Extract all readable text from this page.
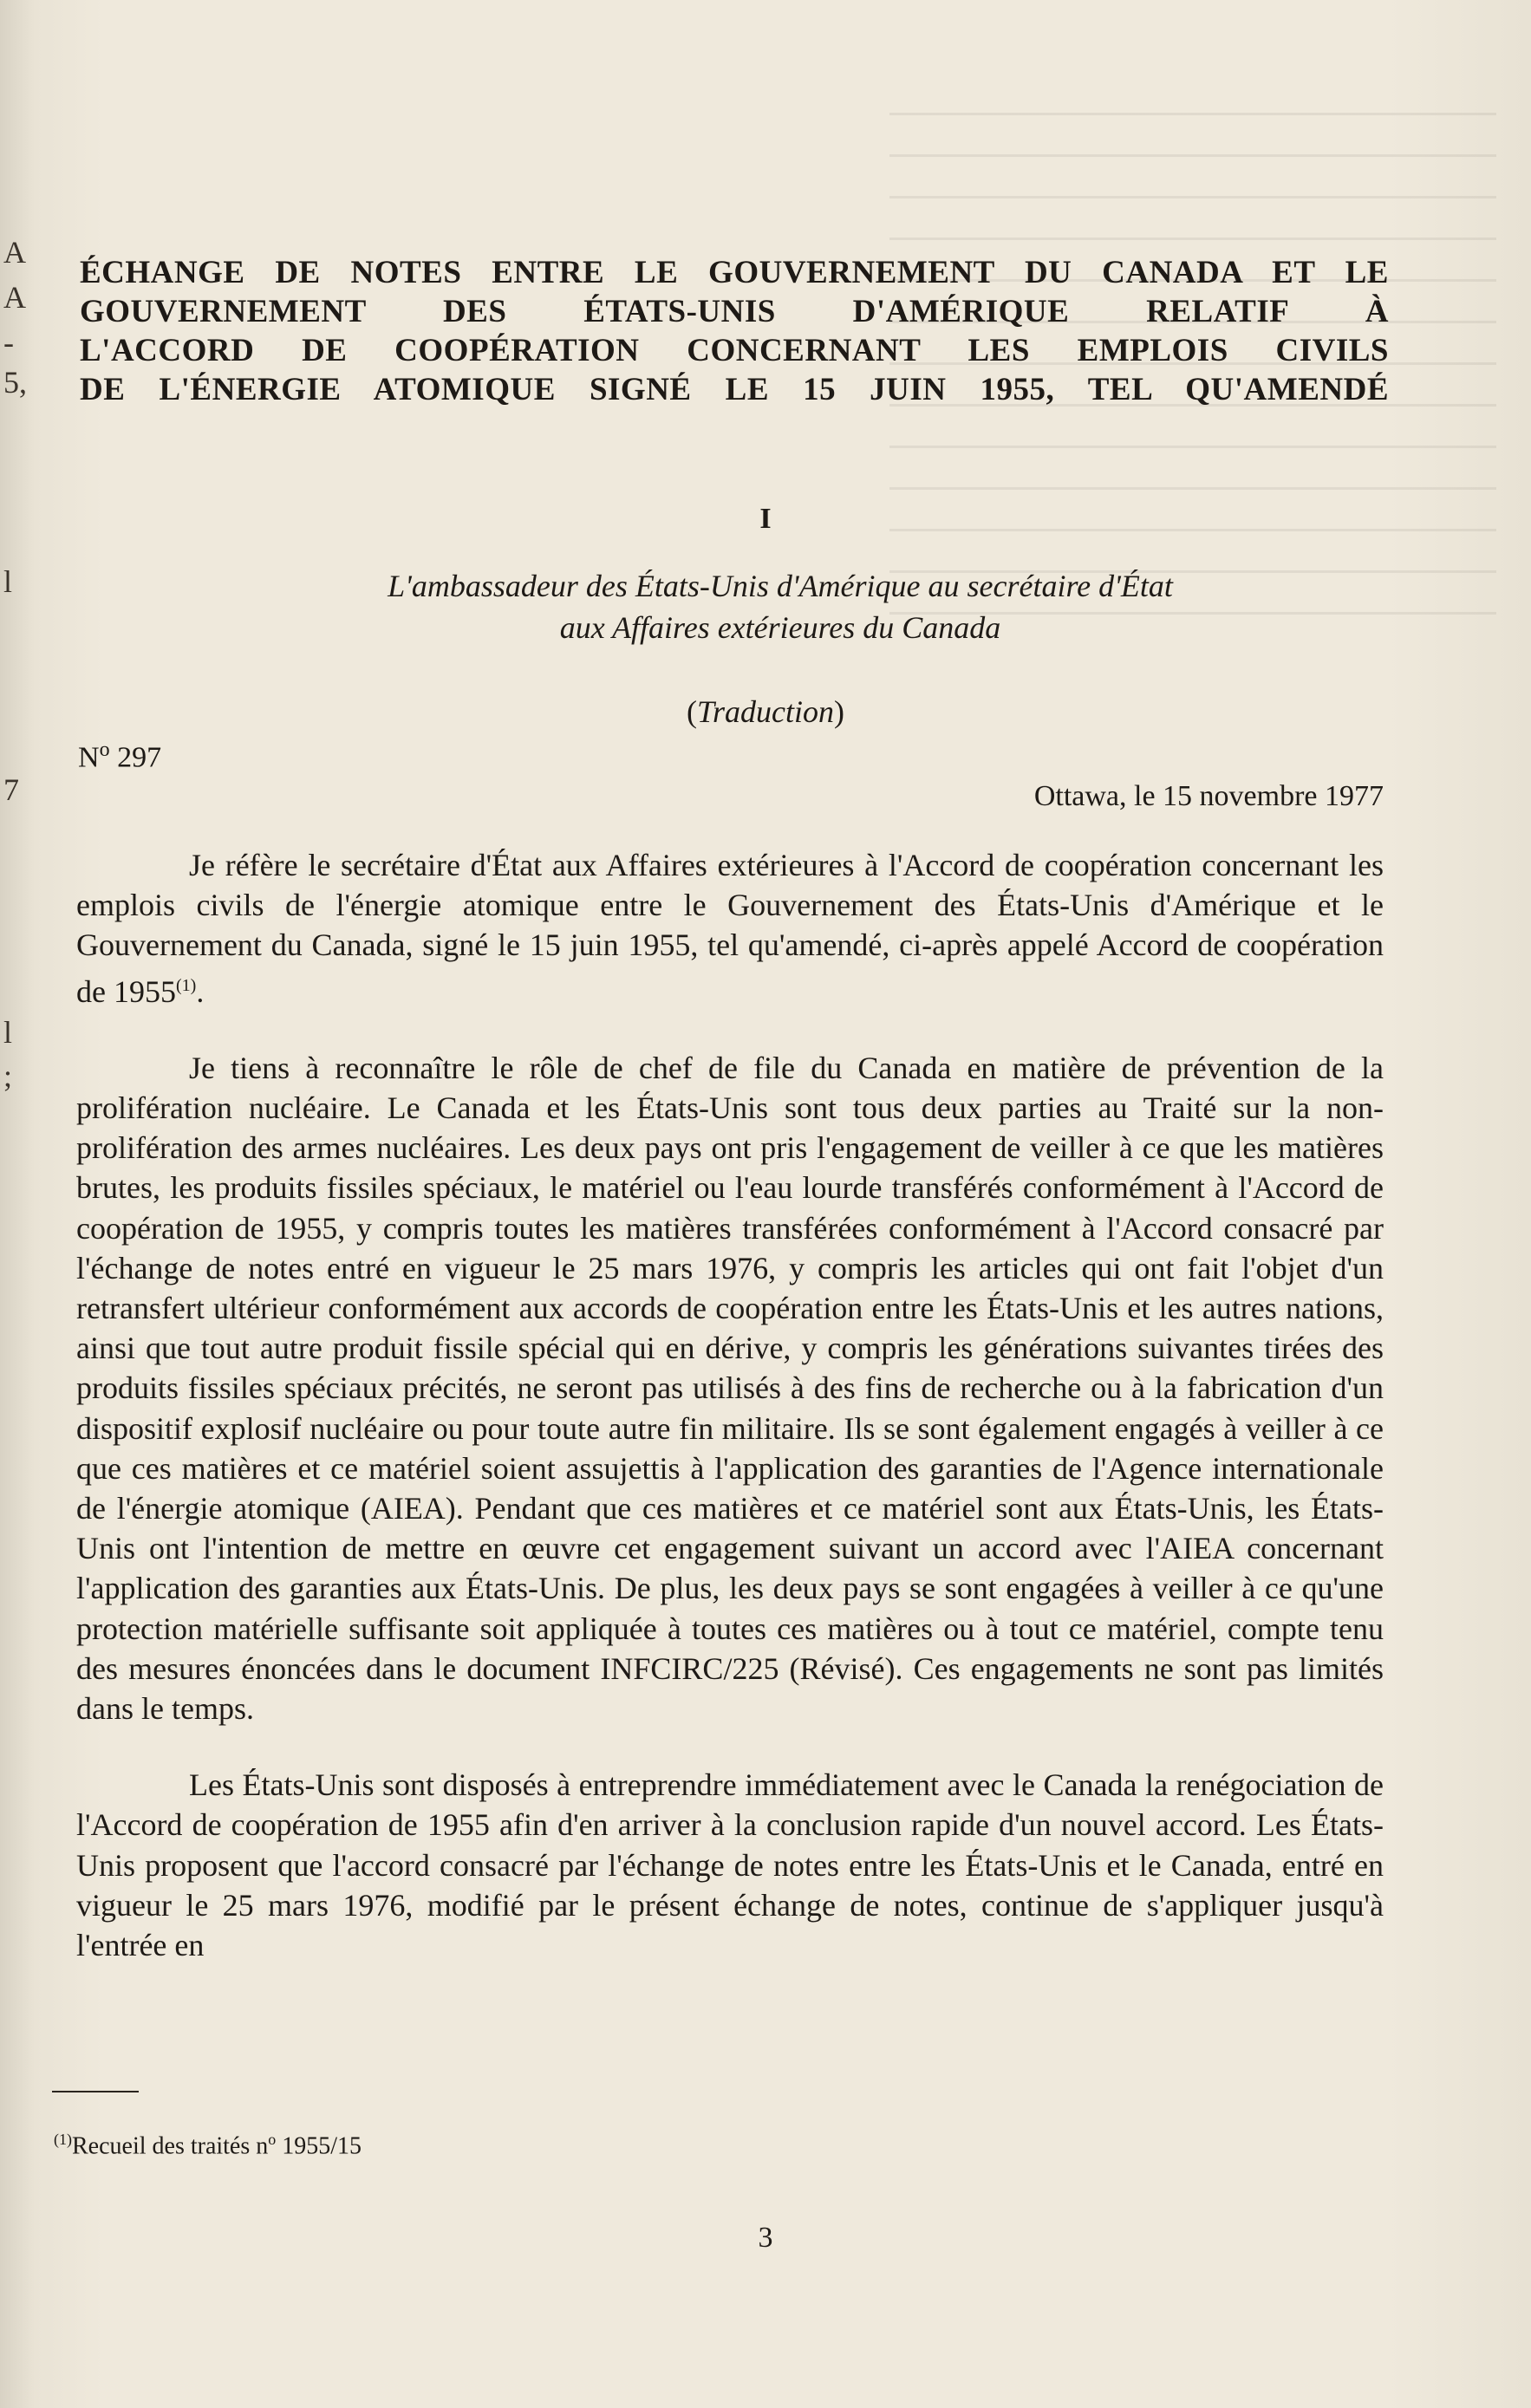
A
A
-
5,
l
7
l
;
ÉCHANGE DE NOTES ENTRE LE GOUVERNEMENT DU CANADA ET LE
GOUVERNEMENT DES ÉTATS-UNIS D'AMÉRIQUE RELATIF À
L'ACCORD DE COOPÉRATION CONCERNANT LES EMPLOIS CIVILS
DE L'ÉNERGIE ATOMIQUE SIGNÉ LE 15 JUIN 1955, TEL QU'AMENDÉ
I
L'ambassadeur des États-Unis d'Amérique au secrétaire d'État
aux Affaires extérieures du Canada
(Traduction)
$N^o$ 297
Ottawa, le 15 novembre 1977

Je réfère le secrétaire d'État aux Affaires extérieures à l'Accord de coopération concernant les emplois civils de l'énergie atomique entre le Gouvernement des États-Unis d'Amérique et le Gouvernement du Canada, signé le 15 juin 1955, tel qu'amendé, ci-après appelé Accord de coopération de 1955$^{(1)}$.

Je tiens à reconnaître le rôle de chef de file du Canada en matière de prévention de la prolifération nucléaire. Le Canada et les États-Unis sont tous deux parties au Traité sur la non-prolifération des armes nucléaires. Les deux pays ont pris l'engagement de veiller à ce que les matières brutes, les produits fissiles spéciaux, le matériel ou l'eau lourde transférés conformément à l'Accord de coopération de 1955, y compris toutes les matières transférées conformément à l'Accord consacré par l'échange de notes entré en vigueur le 25 mars 1976, y compris les articles qui ont fait l'objet d'un retransfert ultérieur conformément aux accords de coopération entre les États-Unis et les autres nations, ainsi que tout autre produit fissile spécial qui en dérive, y compris les générations suivantes tirées des produits fissiles spéciaux précités, ne seront pas utilisés à des fins de recherche ou à la fabrication d'un dispositif explosif nucléaire ou pour toute autre fin militaire. Ils se sont également engagés à veiller à ce que ces matières et ce matériel soient assujettis à l'application des garanties de l'Agence internationale de l'énergie atomique (AIEA). Pendant que ces matières et ce matériel sont aux États-Unis, les États-Unis ont l'intention de mettre en œuvre cet engagement suivant un accord avec l'AIEA concernant l'application des garanties aux États-Unis. De plus, les deux pays se sont engagées à veiller à ce qu'une protection matérielle suffisante soit appliquée à toutes ces matières ou à tout ce matériel, compte tenu des mesures énoncées dans le document INFCIRC/225 (Révisé). Ces engagements ne sont pas limités dans le temps.

Les États-Unis sont disposés à entreprendre immédiatement avec le Canada la renégociation de l'Accord de coopération de 1955 afin d'en arriver à la conclusion rapide d'un nouvel accord. Les États-Unis proposent que l'accord consacré par l'échange de notes entre les États-Unis et le Canada, entré en vigueur le 25 mars 1976, modifié par le présent échange de notes, continue de s'appliquer jusqu'à l'entrée en

$^{(1)}$Recueil des traités $n^o$ 1955/15
3
